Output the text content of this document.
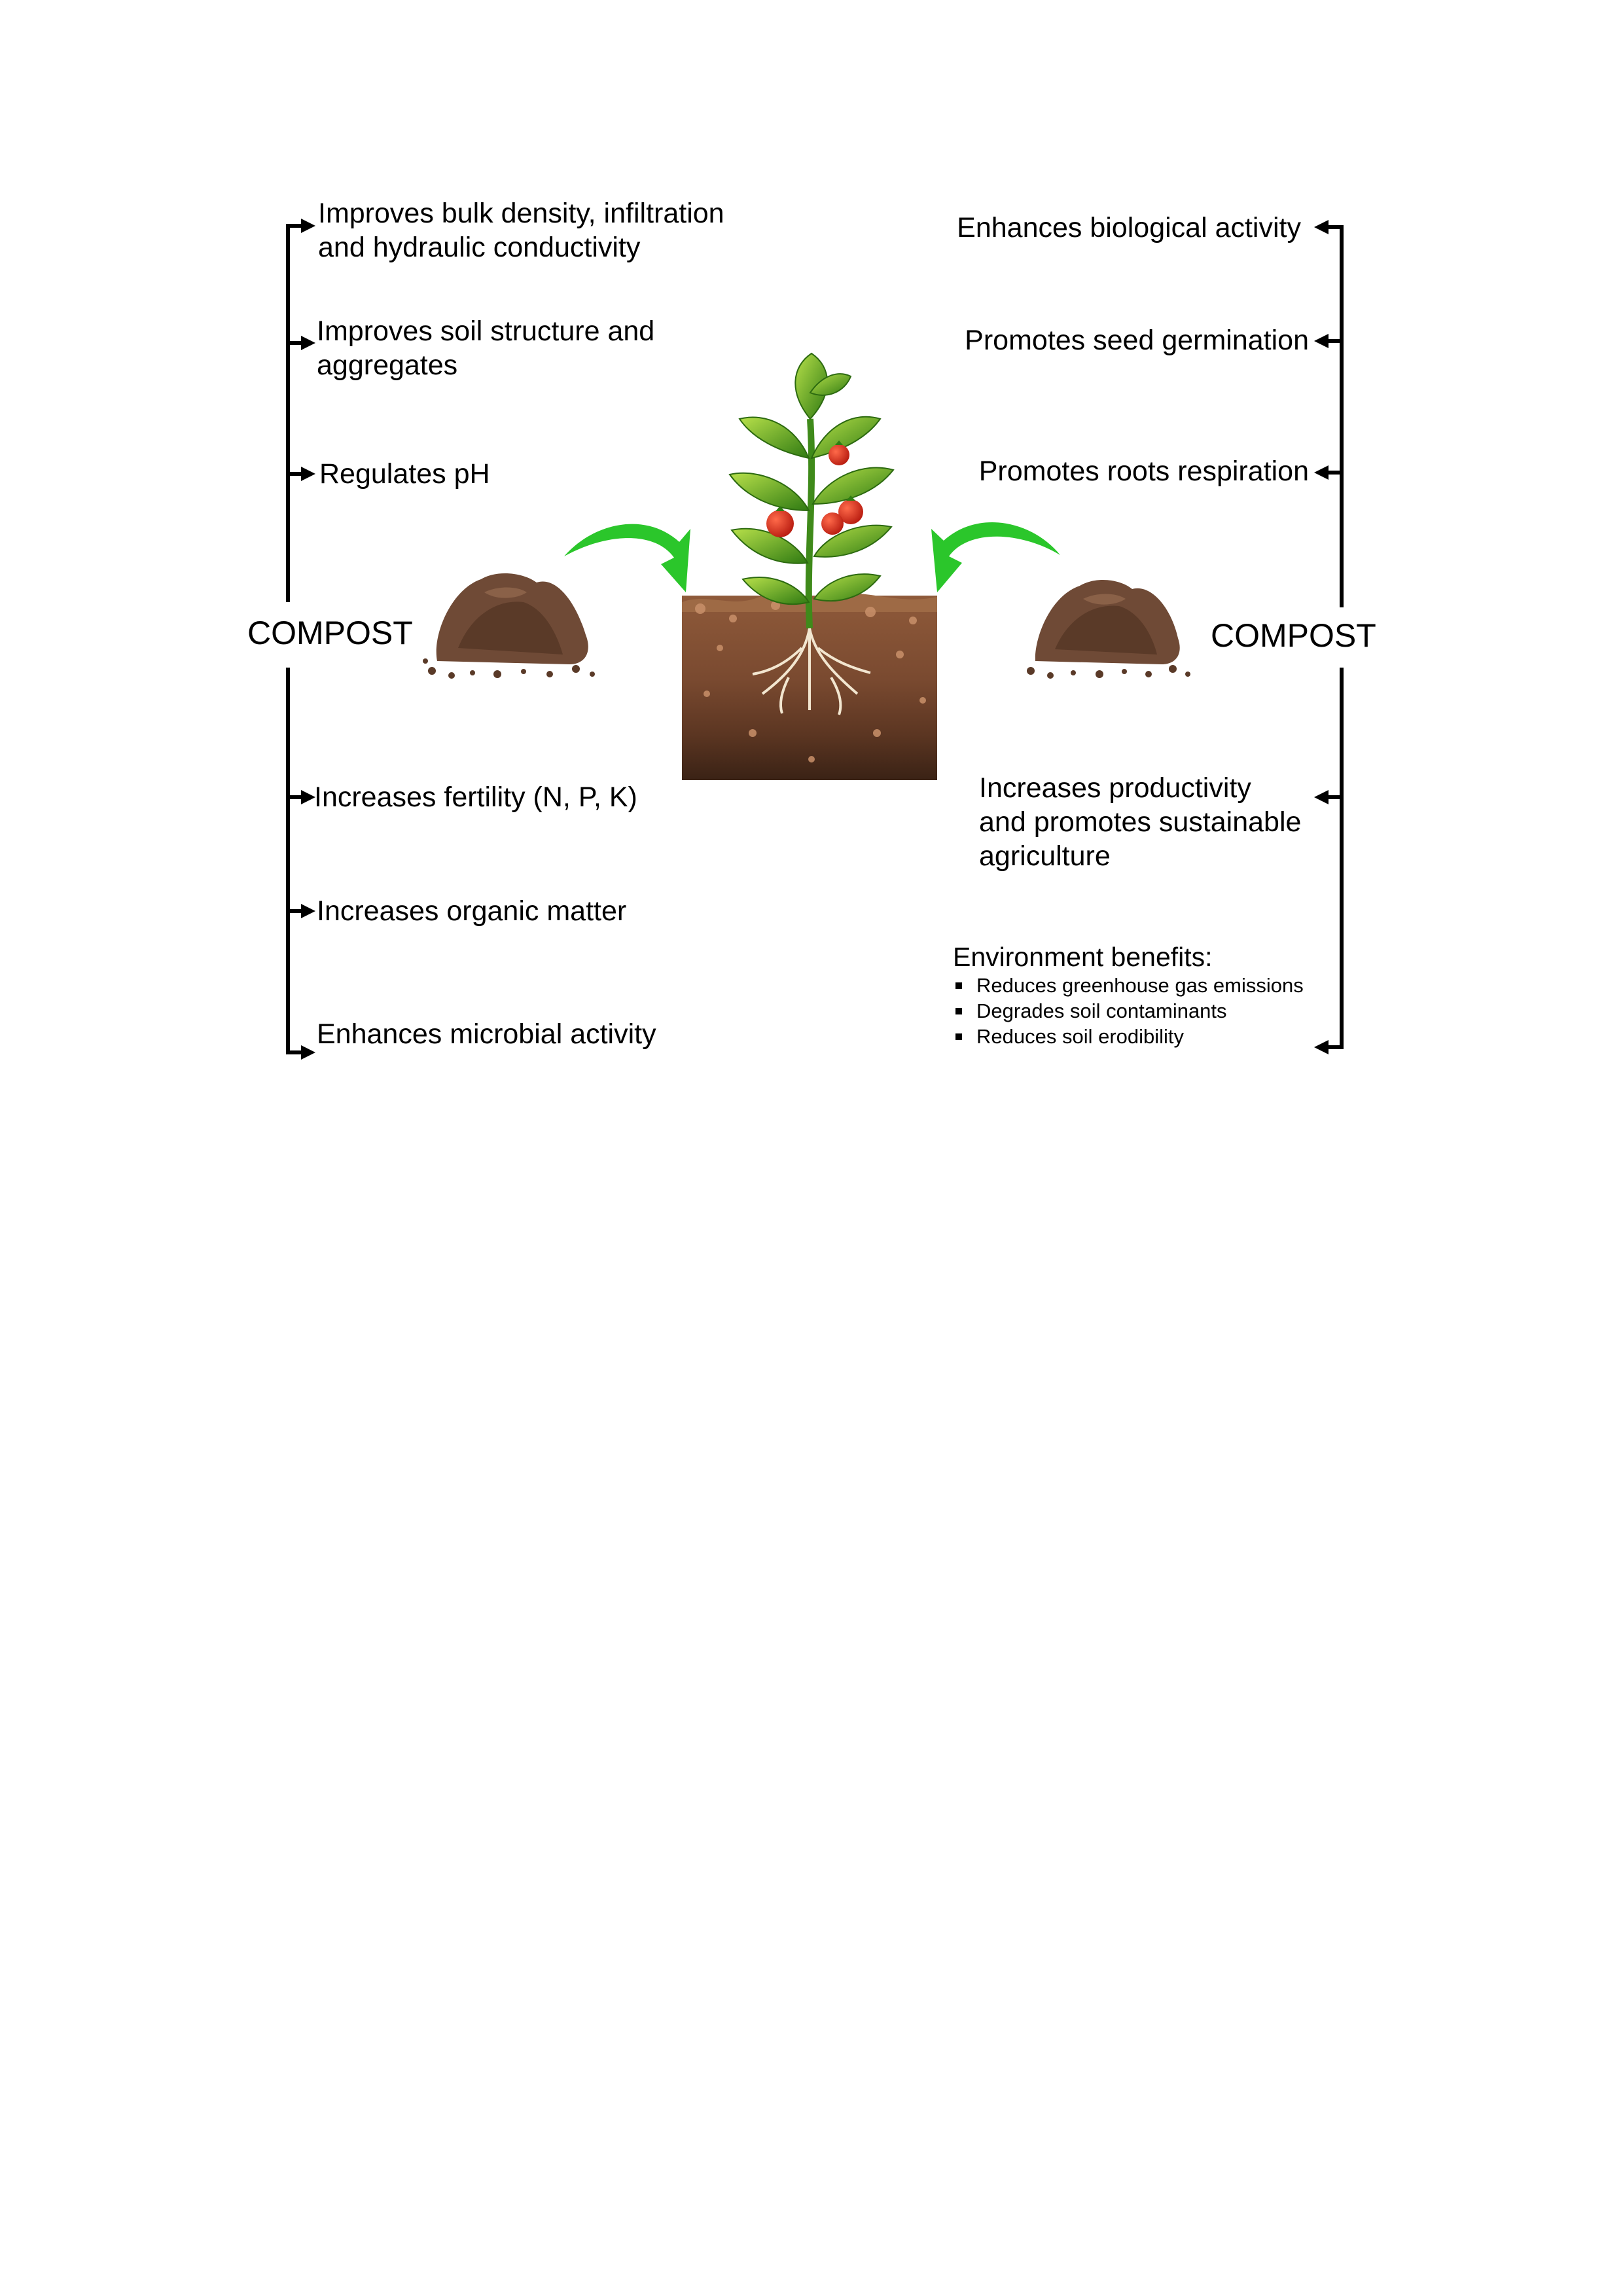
Improves bulk density, infiltration
and hydraulic conductivity
Improves soil structure and
aggregates
Regulates pH
COMPOST
Increases fertility (N, P, K)
Increases organic matter
Enhances microbial activity
Enhances biological activity
Promotes seed germination
Promotes roots respiration
COMPOST
Increases productivity
and promotes sustainable
agriculture
Environment benefits:
Reduces greenhouse gas emissions
Degrades soil contaminants
Reduces soil erodibility
